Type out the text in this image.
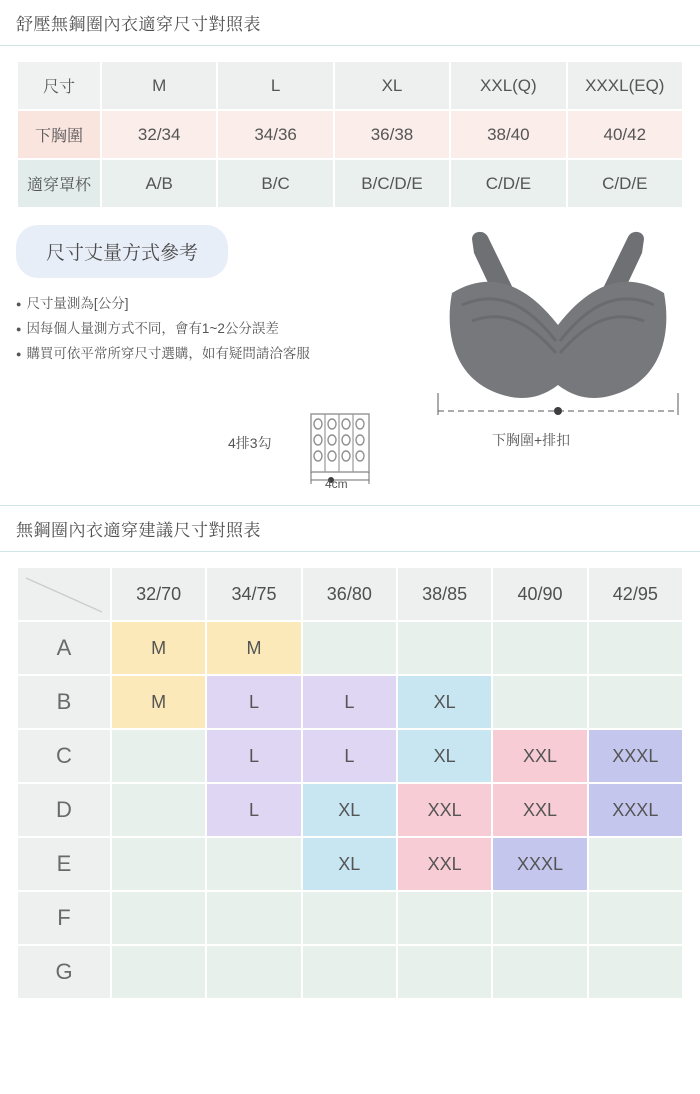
舒壓無鋼圈內衣適穿尺寸對照表
尺寸	M	L	XL	XXL(Q)	XXXL(EQ)
下胸圍	32/34	34/36	36/38	38/40	40/42
適穿罩杯	A/B	B/C	B/C/D/E	C/D/E	C/D/E
尺寸丈量方式參考
● 尺寸量測為[公分]
● 因每個人量測方式不同，會有1~2公分誤差
● 購買可依平常所穿尺寸選購，如有疑問請洽客服
4排3勾
4cm
下胸圍+排扣
無鋼圈內衣適穿建議尺寸對照表
	32/70	34/75	36/80	38/85	40/90	42/95
A	M	M				
B	M	L	L	XL		
C		L	L	XL	XXL	XXXL
D		L	XL	XXL	XXL	XXXL
E			XL	XXL	XXXL	
F						
G						
